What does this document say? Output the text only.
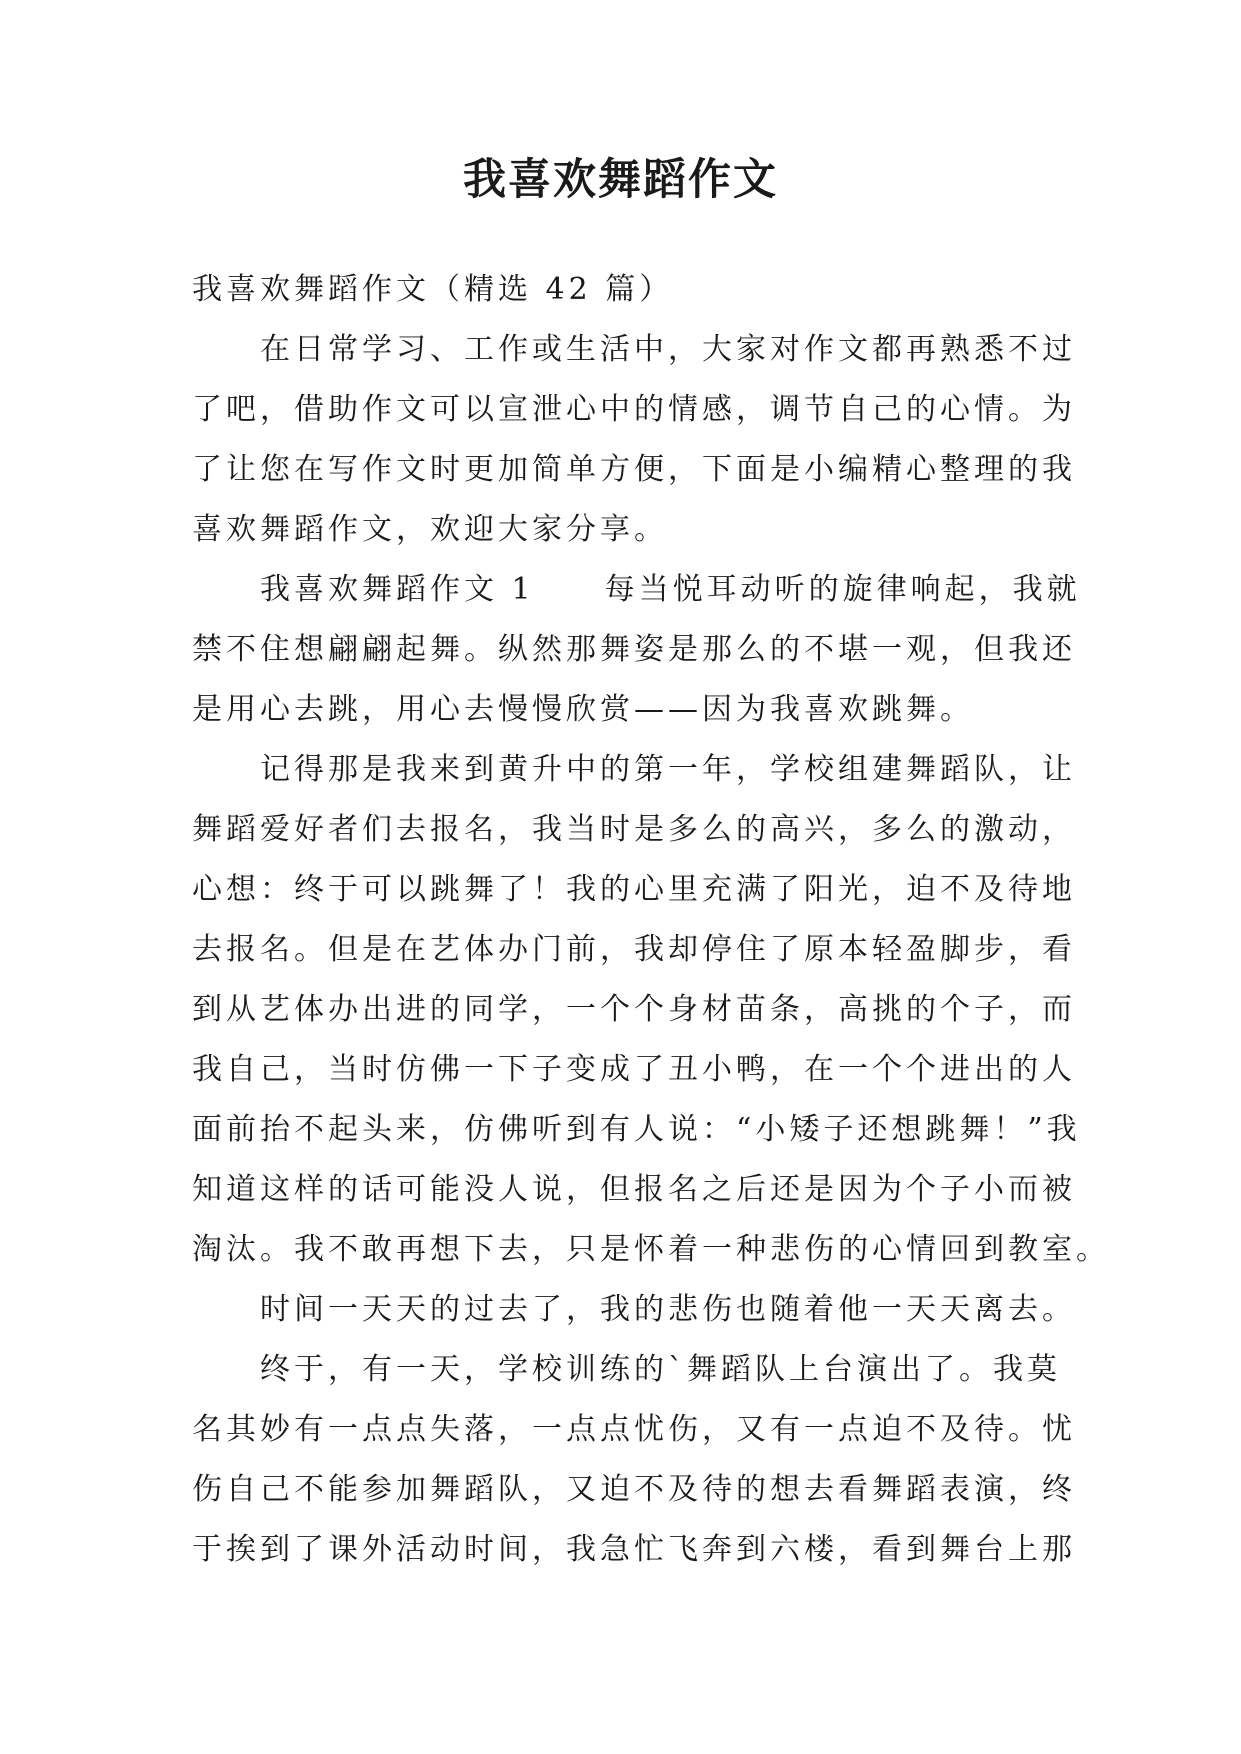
我喜欢舞蹈作文
我喜欢舞蹈作文（精选 42 篇）
在日常学习、工作或生活中，大家对作文都再熟悉不过
了吧，借助作文可以宣泄心中的情感，调节自己的心情。为
了让您在写作文时更加简单方便，下面是小编精心整理的我
喜欢舞蹈作文，欢迎大家分享。
我喜欢舞蹈作文 1 每当悦耳动听的旋律响起，我就
禁不住想翩翩起舞。纵然那舞姿是那么的不堪一观，但我还
是用心去跳，用心去慢慢欣赏——因为我喜欢跳舞。
记得那是我来到黄升中的第一年，学校组建舞蹈队，让
舞蹈爱好者们去报名，我当时是多么的高兴，多么的激动，
心想：终于可以跳舞了！我的心里充满了阳光，迫不及待地
去报名。但是在艺体办门前，我却停住了原本轻盈脚步，看
到从艺体办出进的同学，一个个身材苗条，高挑的个子，而
我自己，当时仿佛一下子变成了丑小鸭，在一个个进出的人
面前抬不起头来，仿佛听到有人说：“小矮子还想跳舞！”我
知道这样的话可能没人说，但报名之后还是因为个子小而被
淘汰。我不敢再想下去，只是怀着一种悲伤的心情回到教室。
时间一天天的过去了，我的悲伤也随着他一天天离去。
终于，有一天，学校训练的`舞蹈队上台演出了。我莫
名其妙有一点点失落，一点点忧伤，又有一点迫不及待。忧
伤自己不能参加舞蹈队，又迫不及待的想去看舞蹈表演，终
于挨到了课外活动时间，我急忙飞奔到六楼，看到舞台上那
